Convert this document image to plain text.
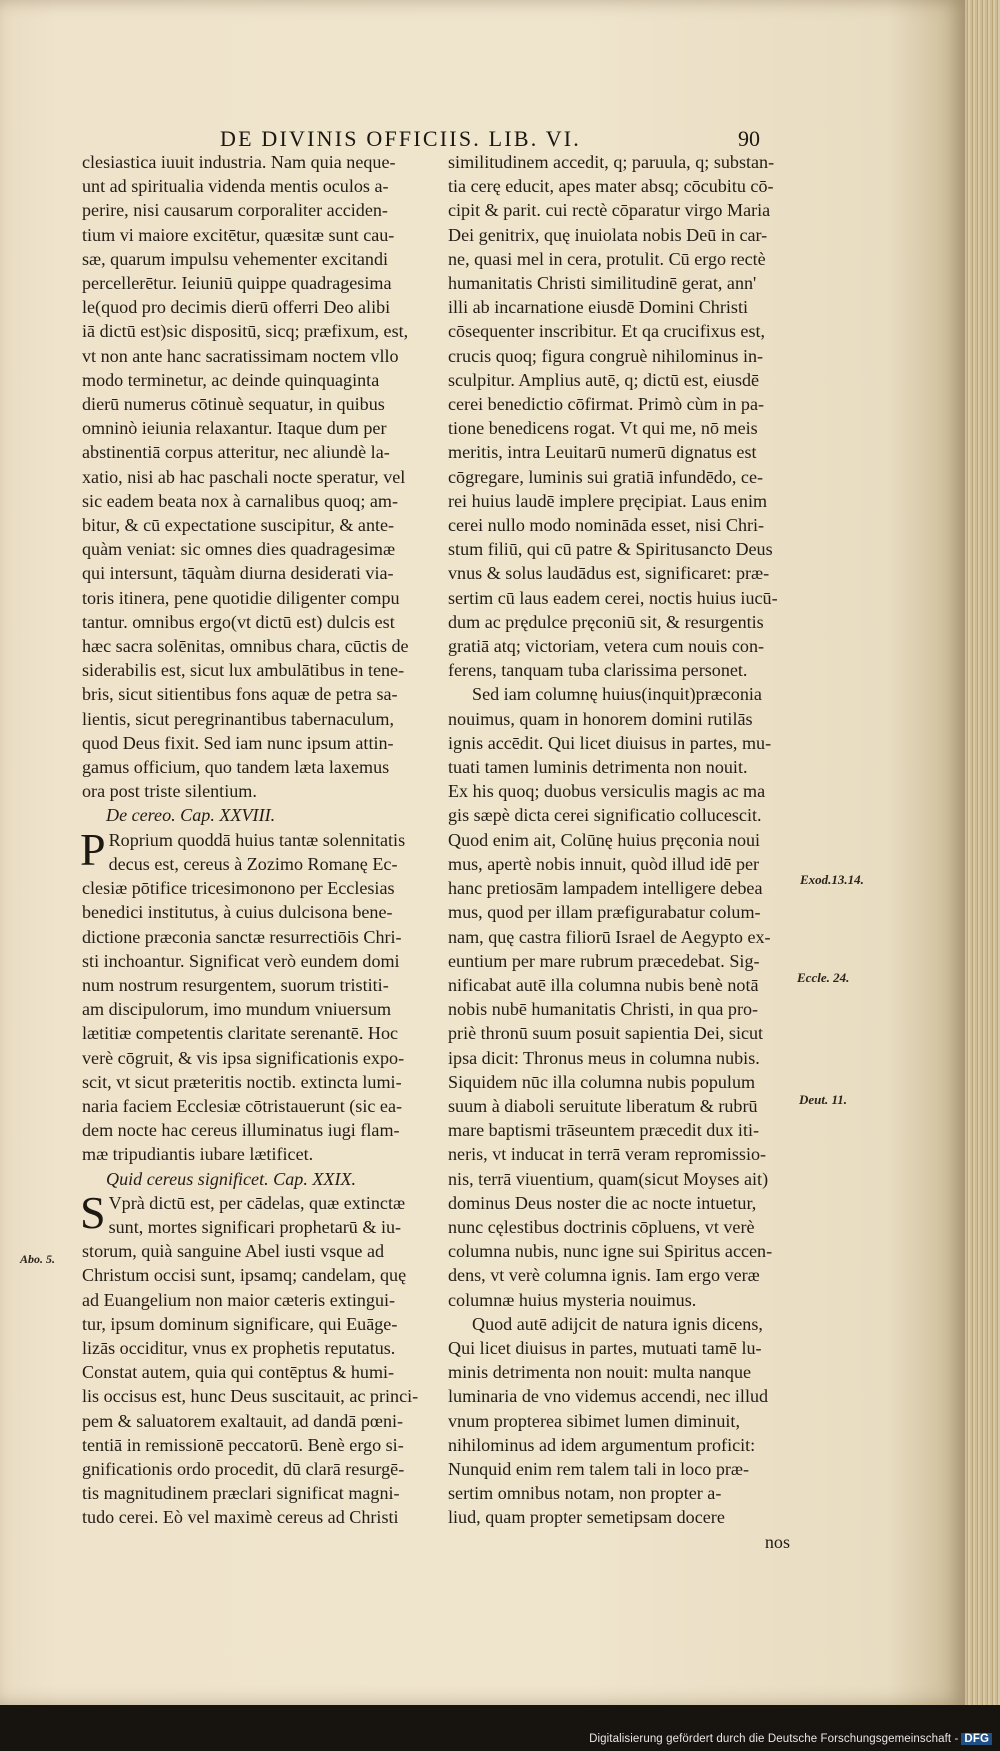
DE DIVINIS OFFICIIS. LIB. VI.	90
clesiastica iuuit industria. Nam quia neque-
unt ad spiritualia videnda mentis oculos a-
perire, nisi causarum corporaliter acciden-
tium vi maiore excitētur, quæsitæ sunt cau-
sæ, quarum impulsu vehementer excitandi
percellerētur. Ieiuniū quippe quadragesima
le(quod pro decimis dierū offerri Deo alibi
iā dictū est)sic dispositū, sicq; præfixum, est,
vt non ante hanc sacratissimam noctem vllo
modo terminetur, ac deinde quinquaginta
dierū numerus cōtinuè sequatur, in quibus
omninò ieiunia relaxantur. Itaque dum per
abstinentiā corpus atteritur, nec aliundè la-
xatio, nisi ab hac paschali nocte speratur, vel
sic eadem beata nox à carnalibus quoq; am-
bitur, & cū expectatione suscipitur, & ante-
quàm veniat: sic omnes dies quadragesimæ
qui intersunt, tāquàm diurna desiderati via-
toris itinera, pene quotidie diligenter compu
tantur. omnibus ergo(vt dictū est) dulcis est
hæc sacra solēnitas, omnibus chara, cūctis de
siderabilis est, sicut lux ambulātibus in tene-
bris, sicut sitientibus fons aquæ de petra sa-
lientis, sicut peregrinantibus tabernaculum,
quod Deus fixit. Sed iam nunc ipsum attin-
gamus officium, quo tandem læta laxemus
ora post triste silentium.
De cereo. Cap. XXVIII.
P Roprium quoddā huius tantæ solennitatis
decus est, cereus à Zozimo Romanę Ec-
clesiæ pōtifice tricesimonono per Ecclesias
benedici institutus, à cuius dulcisona bene-
dictione præconia sanctæ resurrectiōis Chri-
sti inchoantur. Significat verò eundem domi
num nostrum resurgentem, suorum tristiti-
am discipulorum, imo mundum vniuersum
lætitiæ competentis claritate serenantē. Hoc
verè cōgruit, & vis ipsa significationis expo-
scit, vt sicut præteritis noctib. extincta lumi-
naria faciem Ecclesiæ cōtristauerunt (sic ea-
dem nocte hac cereus illuminatus iugi flam-
mæ tripudiantis iubare lætificet.
Quid cereus significet. Cap. XXIX.
S Vprà dictū est, per cādelas, quæ extinctæ
sunt, mortes significari prophetarū & iu-
storum, quià sanguine Abel iusti vsque ad
Christum occisi sunt, ipsamq; candelam, quę
ad Euangelium non maior cæteris extingui-
tur, ipsum dominum significare, qui Euāge-
lizās occiditur, vnus ex prophetis reputatus.
Constat autem, quia qui contēptus & humi-
lis occisus est, hunc Deus suscitauit, ac princi-
pem & saluatorem exaltauit, ad dandā pœni-
tentiā in remissionē peccatorū. Benè ergo si-
gnificationis ordo procedit, dū clarā resurgē-
tis magnitudinem præclari significat magni-
tudo cerei. Eò vel maximè cereus ad Christi
similitudinem accedit, q; paruula, q; substan-
tia cerę educit, apes mater absq; cōcubitu cō-
cipit & parit. cui rectè cōparatur virgo Maria
Dei genitrix, quę inuiolata nobis Deū in car-
ne, quasi mel in cera, protulit. Cū ergo rectè
humanitatis Christi similitudinē gerat, ann'
illi ab incarnatione eiusdē Domini Christi
cōsequenter inscribitur. Et qa crucifixus est,
crucis quoq; figura congruè nihilominus in-
sculpitur. Amplius autē, q; dictū est, eiusdē
cerei benedictio cōfirmat. Primò cùm in pa-
tione benedicens rogat. Vt qui me, nō meis
meritis, intra Leuitarū numerū dignatus est
cōgregare, luminis sui gratiā infundēdo, ce-
rei huius laudē implere pręcipiat. Laus enim
cerei nullo modo nomināda esset, nisi Chri-
stum filiū, qui cū patre & Spiritusancto Deus
vnus & solus laudādus est, significaret: præ-
sertim cū laus eadem cerei, noctis huius iucū-
dum ac prędulce pręconiū sit, & resurgentis
gratiā atq; victoriam, vetera cum nouis con-
ferens, tanquam tuba clarissima personet.
Sed iam columnę huius(inquit)præconia
nouimus, quam in honorem domini rutilās
ignis accēdit. Qui licet diuisus in partes, mu-
tuati tamen luminis detrimenta non nouit.
Ex his quoq; duobus versiculis magis ac ma
gis sæpè dicta cerei significatio collucescit.
Quod enim ait, Colūnę huius pręconia noui
mus, apertè nobis innuit, quòd illud idē per
hanc pretiosām lampadem intelligere debea
mus, quod per illam præfigurabatur colum-
nam, quę castra filiorū Israel de Aegypto ex-
euntium per mare rubrum præcedebat. Sig-
nificabat autē illa columna nubis benè notā
nobis nubē humanitatis Christi, in qua pro-
priè thronū suum posuit sapientia Dei, sicut
ipsa dicit: Thronus meus in columna nubis.
Siquidem nūc illa columna nubis populum
suum à diaboli seruitute liberatum & rubrū
mare baptismi trāseuntem præcedit dux iti-
neris, vt inducat in terrā veram repromissio-
nis, terrā viuentium, quam(sicut Moyses ait)
dominus Deus noster die ac nocte intuetur,
nunc cęlestibus doctrinis cōpluens, vt verè
columna nubis, nunc igne sui Spiritus accen-
dens, vt verè columna ignis. Iam ergo veræ
columnæ huius mysteria nouimus.
Quod autē adijcit de natura ignis dicens,
Qui licet diuisus in partes, mutuati tamē lu-
minis detrimenta non nouit: multa nanque
luminaria de vno videmus accendi, nec illud
vnum propterea sibimet lumen diminuit,
nihilominus ad idem argumentum proficit:
Nunquid enim rem talem tali in loco præ-
sertim omnibus notam, non propter a-
liud, quam propter semetipsam docere
nos
Exod.13.14.
Eccle. 24.
Deut. 11.
Abo. 5.
Digitalisierung gefördert durch die Deutsche Forschungsgemeinschaft - DFG
